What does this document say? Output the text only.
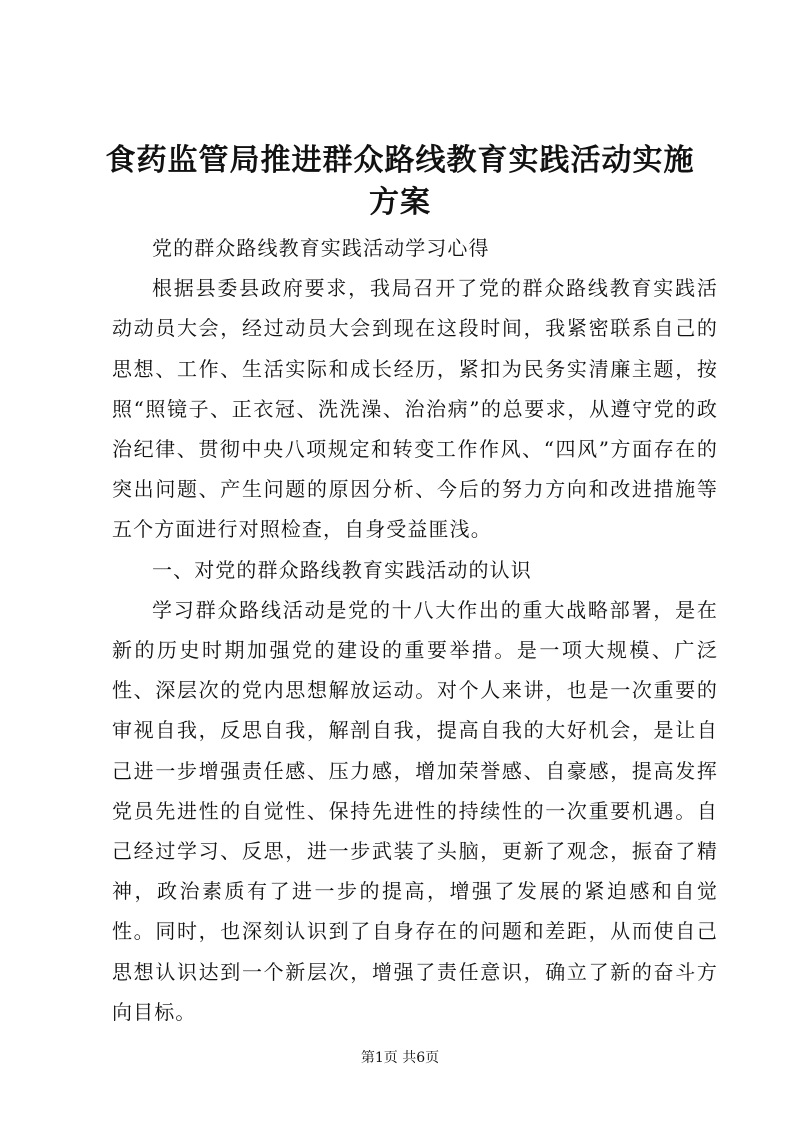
食药监管局推进群众路线教育实践活动实施方案

党的群众路线教育实践活动学习心得

根据县委县政府要求，我局召开了党的群众路线教育实践活动动员大会，经过动员大会到现在这段时间，我紧密联系自己的思想、工作、生活实际和成长经历，紧扣为民务实清廉主题，按照“照镜子、正衣冠、洗洗澡、治治病”的总要求，从遵守党的政治纪律、贯彻中央八项规定和转变工作作风、“四风”方面存在的突出问题、产生问题的原因分析、今后的努力方向和改进措施等五个方面进行对照检查，自身受益匪浅。

一、对党的群众路线教育实践活动的认识

学习群众路线活动是党的十八大作出的重大战略部署，是在新的历史时期加强党的建设的重要举措。是一项大规模、广泛性、深层次的党内思想解放运动。对个人来讲，也是一次重要的审视自我，反思自我，解剖自我，提高自我的大好机会，是让自己进一步增强责任感、压力感，增加荣誉感、自豪感，提高发挥党员先进性的自觉性、保持先进性的持续性的一次重要机遇。自己经过学习、反思，进一步武装了头脑，更新了观念，振奋了精神，政治素质有了进一步的提高，增强了发展的紧迫感和自觉性。同时，也深刻认识到了自身存在的问题和差距，从而使自己思想认识达到一个新层次，增强了责任意识，确立了新的奋斗方向目标。

第1页 共6页
